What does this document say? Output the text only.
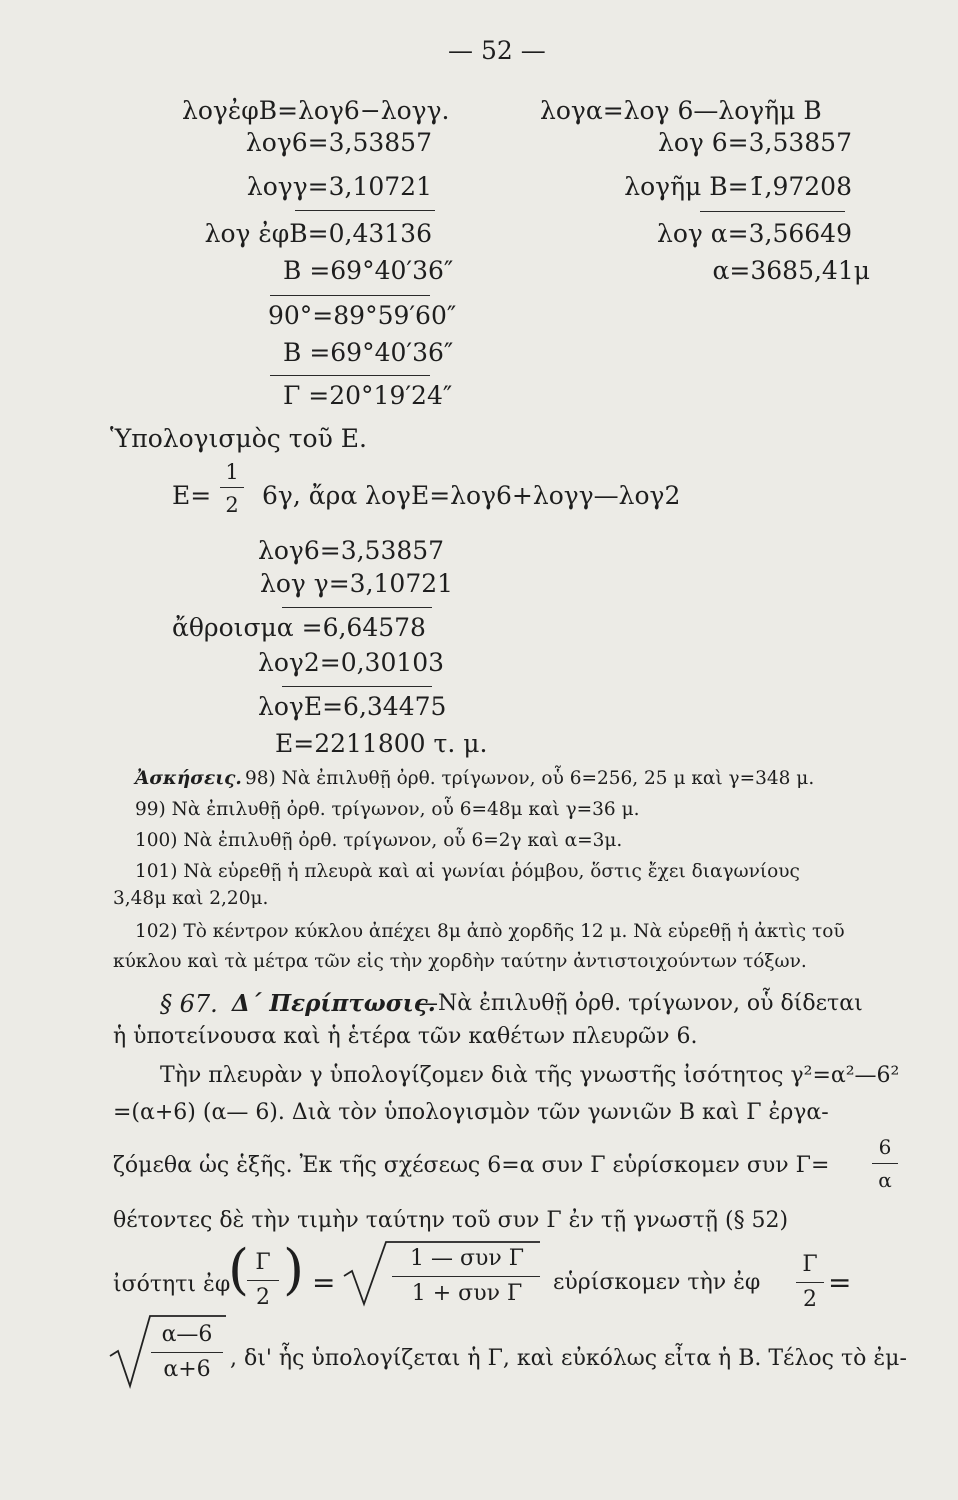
— 52 —
λογἐφB=λογ6−λογγ.
λογ6=3,53857
λογγ=3,10721
λογ ἐφB=0,43136
B =69°40′36″
90°=89°59′60″
B =69°40′36″
Γ =20°19′24″
λογα=λογ 6—λογῆμ B
λογ 6=3,53857
λογῆμ B=1̄,97208
λογ α=3,56649
α=3685,41μ
Ὑπολογισμὸς τοῦ E.
E=
1
2 6γ, ἄρα λογE=λογ6+λογγ—λογ2
λογ6=3,53857
λογ γ=3,10721
ἄθροισμα =6,64578
λογ2=0,30103
λογE=6,34475
E=2211800 τ. μ.
Ἀσκήσεις. 98) Νὰ ἐπιλυθῇ ὀρθ. τρίγωνον, οὗ 6=256, 25 μ καὶ γ=348 μ.
99) Νὰ ἐπιλυθῇ ὀρθ. τρίγωνον, οὗ 6=48μ καὶ γ=36 μ.
100) Νὰ ἐπιλυθῇ ὀρθ. τρίγωνον, οὗ 6=2γ καὶ α=3μ.
101) Νὰ εὑρεθῇ ἡ πλευρὰ καὶ αἱ γωνίαι ῥόμβου, ὅστις ἔχει διαγωνίους
3,48μ καὶ 2,20μ.
102) Τὸ κέντρον κύκλου ἀπέχει 8μ ἀπὸ χορδῆς 12 μ. Νὰ εὑρεθῇ ἡ ἀκτὶς τοῦ
κύκλου καὶ τὰ μέτρα τῶν εἰς τὴν χορδὴν ταύτην ἀντιστοιχούντων τόξων.
§ 67. Δ΄ Περίπτωσις.
—Νὰ ἐπιλυθῇ ὀρθ. τρίγωνον, οὗ δίδεται
ἡ ὑποτείνουσα καὶ ἡ ἑτέρα τῶν καθέτων πλευρῶν 6.
Τὴν πλευρὰν γ ὑπολογίζομεν διὰ τῆς γνωστῆς ἰσότητος γ²=α²—6²
=(α+6) (α— 6). Διὰ τὸν ὑπολογισμὸν τῶν γωνιῶν B καὶ Γ ἐργα-
ζόμεθα ὡς ἑξῆς. Ἐκ τῆς σχέσεως 6=α συν Γ εὑρίσκομεν συν Γ=
6
α
θέτοντες δὲ τὴν τιμὴν ταύτην τοῦ συν Γ ἐν τῇ γνωστῇ (§ 52)
ἰσότητι ἐφ
( Γ
2 ) =
1 — συν Γ
1 + συν Γ	εὑρίσκομεν τὴν ἐφ
Γ
2
=
α—6
α+6 , δι' ἧς ὑπολογίζεται ἡ Γ, καὶ εὐκόλως εἶτα ἡ B. Τέλος τὸ ἐμ-
